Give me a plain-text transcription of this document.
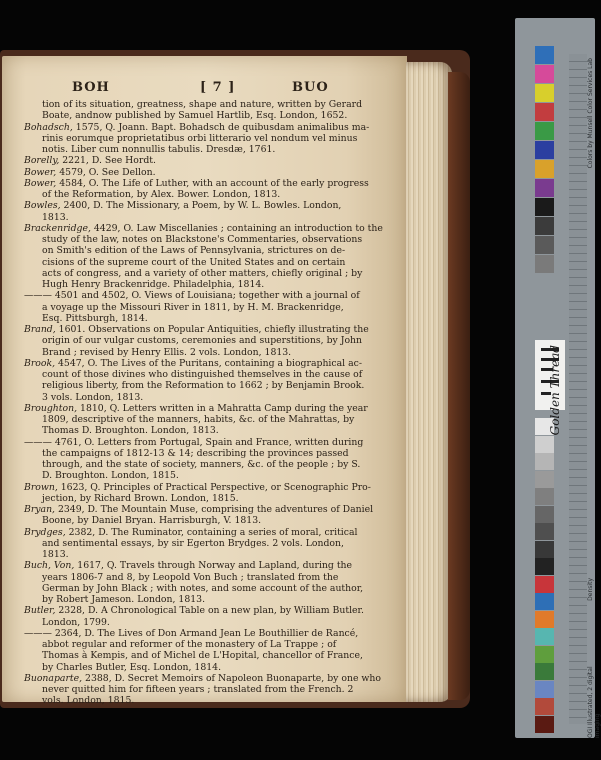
BOH	[ 7 ]	BUO
tion of its situation, greatness, shape and nature, written by Gerard
Boate, andnow published by Samuel Hartlib, Esq. London, 1652.
Bohadsch, 1575, Q. Joann. Bapt. Bohadsch de quibusdam animalibus ma-
rinis eorumque proprietatibus orbi litterario vel nondum vel minus
notis. Liber cum nonnullis tabulis. Dresdæ, 1761.
Borelly, 2221, D. See Hordt.
Bower, 4579, O. See Dellon.
Bower, 4584, O. The Life of Luther, with an account of the early progress
of the Reformation, by Alex. Bower. London, 1813.
Bowles, 2400, D. The Missionary, a Poem, by W. L. Bowles. London,
1813.
Brackenridge, 4429, O. Law Miscellanies ; containing an introduction to the
study of the law, notes on Blackstone's Commentaries, observations
on Smith's edition of the Laws of Pennsylvania, strictures on de-
cisions of the supreme court of the United States and on certain
acts of congress, and a variety of other matters, chiefly original ; by
Hugh Henry Brackenridge. Philadelphia, 1814.
——— 4501 and 4502, O. Views of Louisiana; together with a journal of
a voyage up the Missouri River in 1811, by H. M. Brackenridge,
Esq. Pittsburgh, 1814.
Brand, 1601. Observations on Popular Antiquities, chiefly illustrating the
origin of our vulgar customs, ceremonies and superstitions, by John
Brand ; revised by Henry Ellis. 2 vols. London, 1813.
Brook, 4547, O. The Lives of the Puritans, containing a biographical ac-
count of those divines who distinguished themselves in the cause of
religious liberty, from the Reformation to 1662 ; by Benjamin Brook.
3 vols. London, 1813.
Broughton, 1810, Q. Letters written in a Mahratta Camp during the year
1809, descriptive of the manners, habits, &c. of the Mahrattas, by
Thomas D. Broughton. London, 1813.
——— 4761, O. Letters from Portugal, Spain and France, written during
the campaigns of 1812-13 & 14; describing the provinces passed
through, and the state of society, manners, &c. of the people ; by S.
D. Broughton. London, 1815.
Brown, 1623, Q. Principles of Practical Perspective, or Scenographic Pro-
jection, by Richard Brown. London, 1815.
Bryan, 2349, D. The Mountain Muse, comprising the adventures of Daniel
Boone, by Daniel Bryan. Harrisburgh, V. 1813.
Brydges, 2382, D. The Ruminator, containing a series of moral, critical
and sentimental essays, by sir Egerton Brydges. 2 vols. London,
1813.
Buch, Von, 1617, Q. Travels through Norway and Lapland, during the
years 1806-7 and 8, by Leopold Von Buch ; translated from the
German by John Black ; with notes, and some account of the author,
by Robert Jameson. London, 1813.
Butler, 2328, D. A Chronological Table on a new plan, by William Butler.
London, 1799.
——— 2364, D. The Lives of Don Armand Jean Le Bouthillier de Rancé,
abbot regular and reformer of the monastery of La Trappe ; of
Thomas à Kempis, and of Michel de L'Hopital, chancellor of France,
by Charles Butler, Esq. London, 1814.
Buonaparte, 2388, D. Secret Memoirs of Napoleon Buonaparte, by one who
never quitted him for fifteen years ; translated from the French. 2
vols. London, 1815.
Colors by Munsell Color Services Lab
Density
OGI Illustrated, 2 digital imaging
Golden Thread
